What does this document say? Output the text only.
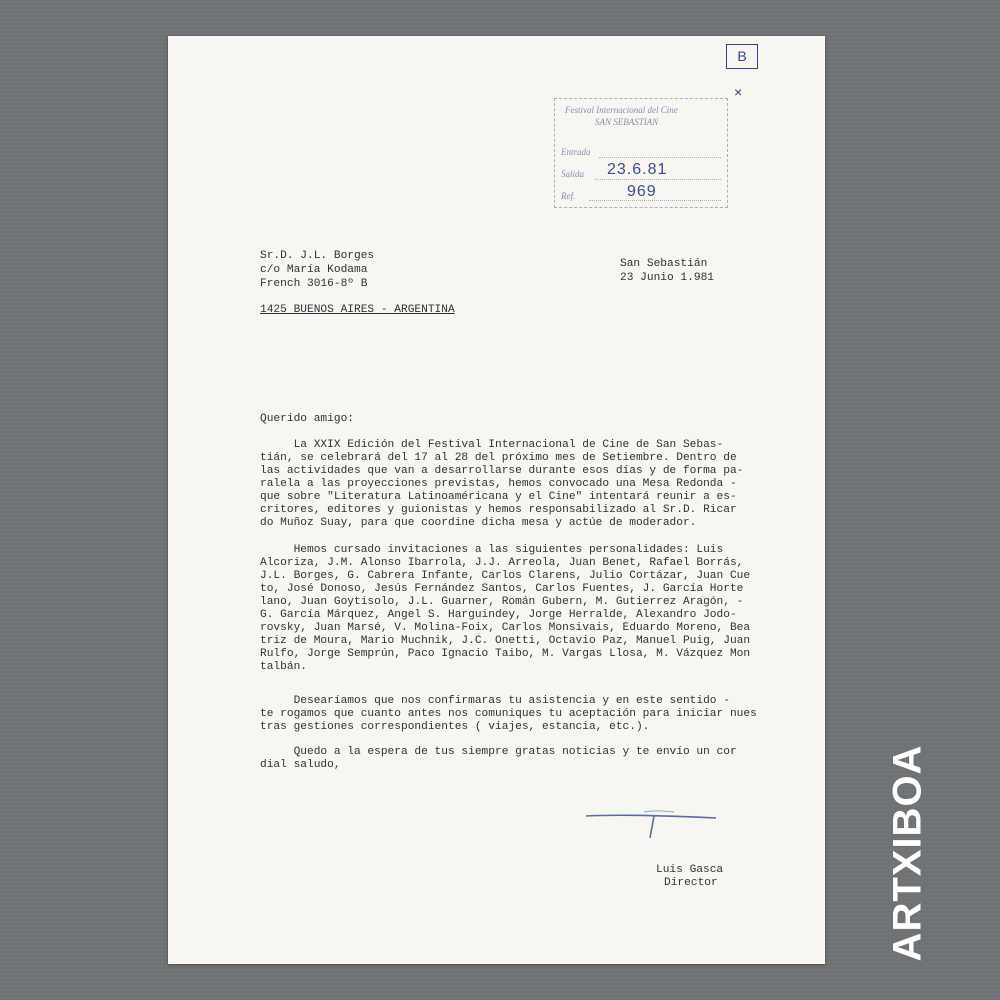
B
×
Festival Internacional del Cine
SAN SEBASTIAN
Entrada
Salida
Ref.
23.6.81
969
Sr.D. J.L. Borges
c/o María Kodama
French 3016-8º B
1425 BUENOS AIRES - ARGENTINA
San Sebastián
23 Junio 1.981
Querido amigo:
La XXIX Edición del Festival Internacional de Cine de San Sebas-
tián, se celebrará del 17 al 28 del próximo mes de Setiembre. Dentro de
las actividades que van a desarrollarse durante esos días y de forma pa-
ralela a las proyecciones previstas, hemos convocado una Mesa Redonda -
que sobre "Literatura Latinoaméricana y el Cine" intentará reunir a es-
critores, editores y guionistas y hemos responsabilizado al Sr.D. Ricar
do Muñoz Suay, para que coordine dicha mesa y actúe de moderador.
Hemos cursado invitaciones a las siguientes personalidades: Luis
Alcoriza, J.M. Alonso Ibarrola, J.J. Arreola, Juan Benet, Rafael Borrás,
J.L. Borges, G. Cabrera Infante, Carlos Clarens, Julio Cortázar, Juan Cue
to, José Donoso, Jesús Fernández Santos, Carlos Fuentes, J. García Horte
lano, Juan Goytisolo, J.L. Guarner, Román Gubern, M. Gutierrez Aragón, -
G. García Márquez, Angel S. Harguindey, Jorge Herralde, Alexandro Jodo-
rovsky, Juan Marsé, V. Molina-Foix, Carlos Monsivais, Eduardo Moreno, Bea
triz de Moura, Mario Muchnik, J.C. Onetti, Octavio Paz, Manuel Puig, Juan
Rulfo, Jorge Semprún, Paco Ignacio Taibo, M. Vargas Llosa, M. Vázquez Mon
talbán.
Desearíamos que nos confirmaras tu asistencia y en este sentido -
te rogamos que cuanto antes nos comuniques tu aceptación para iniciar nues
tras gestiones correspondientes ( viajes, estancia, etc.).
Quedo a la espera de tus siempre gratas noticias y te envío un cor
dial saludo,
Luis Gasca
Director	ARTXIBOA
